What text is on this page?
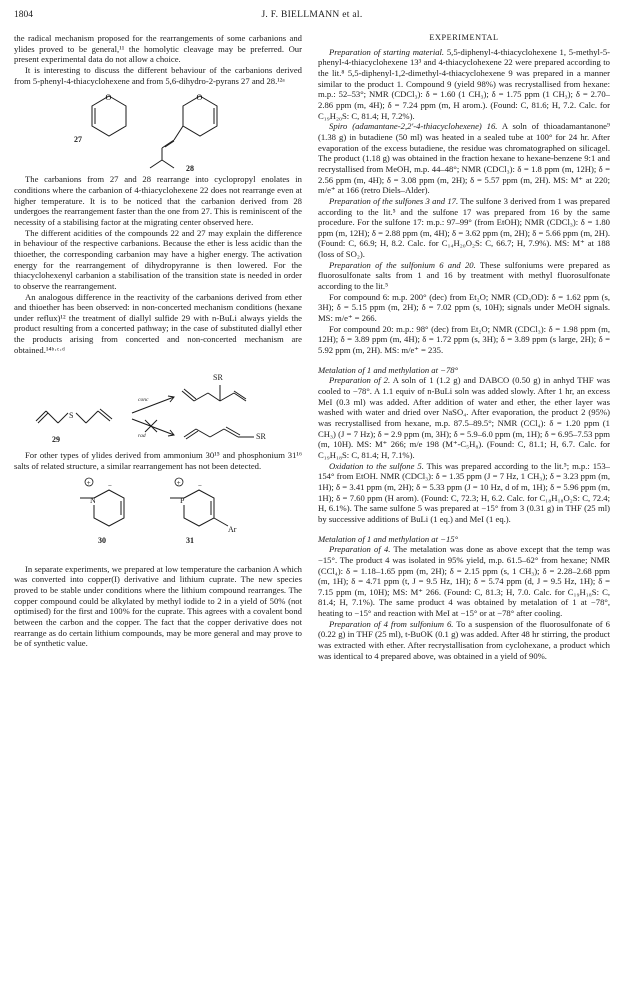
1804	J. F. BIELLMANN et al.

the radical mechanism proposed for the rearrangements of some carbanions and ylides proved to be general,¹¹ the homolytic cleavage may be preferred. Our present experimental data do not allow a choice.

It is interesting to discuss the different behaviour of the carbanions derived from 5-phenyl-4-thiacyclohexene and from 5,6-dihydro-2-pyrans 27 and 28.¹²ᵃ

O	O
27
28

The carbanions from 27 and 28 rearrange into cyclopropyl enolates in conditions where the carbanion of 4-thiacyclohexene 22 does not rearrange even at higher temperature. It is to be noticed that the carbanion derived from 28 undergoes the rearrangement faster than the one from 27. This is reminiscent of the necessity of a stabilising factor at the migrating center observed here.

The different acidities of the compounds 22 and 27 may explain the difference in behaviour of the respective carbanions. Because the ether is less acidic than the thioether, the corresponding carbanion may have a higher energy. The activation energy for the rearrangement of dihydropyranne is then lowered. For the thiacyclohexenyl carbanion a stabilisation of the transition state is needed in order to observe the rearrangement.

An analogous difference in the reactivity of the carbanions derived from ether and thioether has been observed: in non-concerted mechanism conditions (hexane under reflux)¹² the treatment of diallyl sulfide 29 with n-BuLi always yields the product resulting from a concerted pathway; in the case of substituted diallyl ether the products arising from concerted and non-concerted mechanism are obtained.¹⁴ᵇ·ᶜ·ᵈ

S
SR
SR
conc
rad
29

For other types of ylides derived from ammonium 30¹⁵ and phosphonium 31¹⁶ salts of related structure, a similar rearrangement has not been detected.

+	+
−	−
N	P
Ar
30	31

In separate experiments, we prepared at low temperature the carbanion A which was converted into copper(I) derivative and lithium cuprate. The new species proved to be stable under conditions where the lithium compound rearranges. The copper compound could be alkylated by methyl iodide to 2 in a yield of 50% (not optimised) for the first and 100% for the cuprate. This agrees with a covalent bond between the carbon and the copper. The fact that the copper derivative does not rearrange as do certain lithium compounds, may be more general and may prove to be of synthetic value.

EXPERIMENTAL

Preparation of starting material. 5,5-diphenyl-4-thiacyclohexene 1, 5-methyl-5-phenyl-4-thiacyclohexene 13³ and 4-thiacyclohexene 22 were prepared according to the lit.⁸ 5,5-diphenyl-1,2-dimethyl-4-thiacyclohexene 9 was prepared in a manner similar to the product 1. Compound 9 (yield 98%) was recrystallised from hexane: m.p.: 52–53°; NMR (CDCl₃): δ = 1.60 (1 CH₃); δ = 1.75 ppm (1 CH₃); δ = 2.70–2.86 ppm (m, 4H); δ = 7.24 ppm (m, H arom.). (Found: C, 81.6; H, 7.2. Calc. for C₁₉H₂₀S: C, 81.4; H, 7.2%).

Spiro (adamantane-2,2′-4-thiacyclohexene) 16. A soln of thioadamantanone⁹ (1.38 g) in butadiene (50 ml) was heated in a sealed tube at 100° for 24 hr. After evaporation of the excess butadiene, the residue was chromatographed on silicagel. The product (1.18 g) was obtained in the fraction hexane to hexane-benzene 9:1 and recrystallised from MeOH, m.p. 44–48°; NMR (CDCl₃): δ = 1.8 ppm (m, 12H); δ = 2.56 ppm (m, 4H); δ = 3.08 ppm (m, 2H); δ = 5.57 ppm (m, 2H). MS: M⁺ at 220; m/e⁺ at 166 (retro Diels–Alder).

Preparation of the sulfones 3 and 17. The sulfone 3 derived from 1 was prepared according to the lit.⁵ and the sulfone 17 was prepared from 16 by the same procedure. For the sulfone 17: m.p.: 97–99° (from EtOH); NMR (CDCl₃): δ = 1.80 ppm (m, 12H); δ = 2.88 ppm (m, 4H); δ = 3.62 ppm (m, 2H); δ = 5.66 ppm (m, 2H). (Found: C, 66.9; H, 8.2. Calc. for C₁₄H₂₀O₂S: C, 66.7; H, 7.9%). MS: M⁺ at 188 (loss of SO₂).

Preparation of the sulfonium 6 and 20. These sulfoniums were prepared as fluorosulfonate salts from 1 and 16 by treatment with methyl fluorosulfonate according to the lit.⁵

For compound 6: m.p. 200° (dec) from Et₂O; NMR (CD₃OD): δ = 1.62 ppm (s, 3H); δ = 5.15 ppm (m, 2H); δ = 7.02 ppm (s, 10H); signals under MeOH signals. MS: m/e⁺ = 266.

For compound 20: m.p.: 98° (dec) from Et₂O; NMR (CDCl₃): δ = 1.98 ppm (m, 12H); δ = 3.89 ppm (m, 4H); δ = 1.72 ppm (s, 3H); δ = 3.89 ppm (s large, 2H); δ = 5.92 ppm (m, 2H). MS: m/e⁺ = 235.

Metalation of 1 and methylation at −78°

Preparation of 2. A soln of 1 (1.2 g) and DABCO (0.50 g) in anhyd THF was cooled to −78°. A 1.1 equiv of n-BuLi soln was added slowly. After 1 hr, an excess MeI (0.3 ml) was added. After addition of water and ether, the ether layer was washed with water and dried over NaSO₄. After evaporation, the product 2 (95%) was recrystallised from hexane, m.p. 87.5–89.5°; NMR (CCl₄): δ = 1.20 ppm (1 CH₃) (J = 7 Hz); δ = 2.9 ppm (m, 3H); δ = 5.9–6.0 ppm (m, 1H); δ = 6.95–7.53 ppm (m, 10H). MS: M⁺ 266; m/e 198 (M⁺-C₅H₈). (Found: C, 81.1; H, 6.7. Calc. for C₁₉H₁₈S: C, 81.4; H, 7.1%).

Oxidation to the sulfone 5. This was prepared according to the lit.⁵; m.p.: 153–154° from EtOH. NMR (CDCl₃): δ = 1.35 ppm (J = 7 Hz, 1 CH₃); δ = 3.23 ppm (m, 1H); δ = 3.41 ppm (m, 2H); δ = 5.33 ppm (J = 10 Hz, d of m, 1H); δ = 5.96 ppm (m, 1H); δ = 7.60 ppm (H arom). (Found: C, 72.3; H, 6.2. Calc. for C₁₈H₁₈O₂S: C, 72.4; H, 6.1%). The same sulfone 5 was prepared at −15° from 3 (0.31 g) in THF (25 ml) by successive additions of BuLi (1 eq.) and MeI (1 eq.).

Metalation of 1 and methylation at −15°

Preparation of 4. The metalation was done as above except that the temp was −15°. The product 4 was isolated in 95% yield, m.p. 61.5–62° from hexane; NMR (CCl₄): δ = 1.18–1.65 ppm (m, 2H); δ = 2.15 ppm (s, 1 CH₃); δ = 2.28–2.68 ppm (m, 1H); δ = 4.71 ppm (t, J = 9.5 Hz, 1H); δ = 5.74 ppm (d, J = 9.5 Hz, 1H); δ = 7.15 ppm (m, 10H); MS: M⁺ 266. (Found: C, 81.3; H, 7.0. Calc. for C₁₉H₁₈S: C, 81.4; H, 7.1%). The same product 4 was obtained by metalation of 1 at −78°, heating to −15° and reaction with MeI at −15° or at −78° after cooling.

Preparation of 4 from sulfonium 6. To a suspension of the fluorosulfonate of 6 (0.22 g) in THF (25 ml), t-BuOK (0.1 g) was added. After 48 hr stirring, the product was extracted with ether. After recrystallisation from cyclohexane, a product which was identical to 4 prepared above, was obtained in a yield of 90%.
